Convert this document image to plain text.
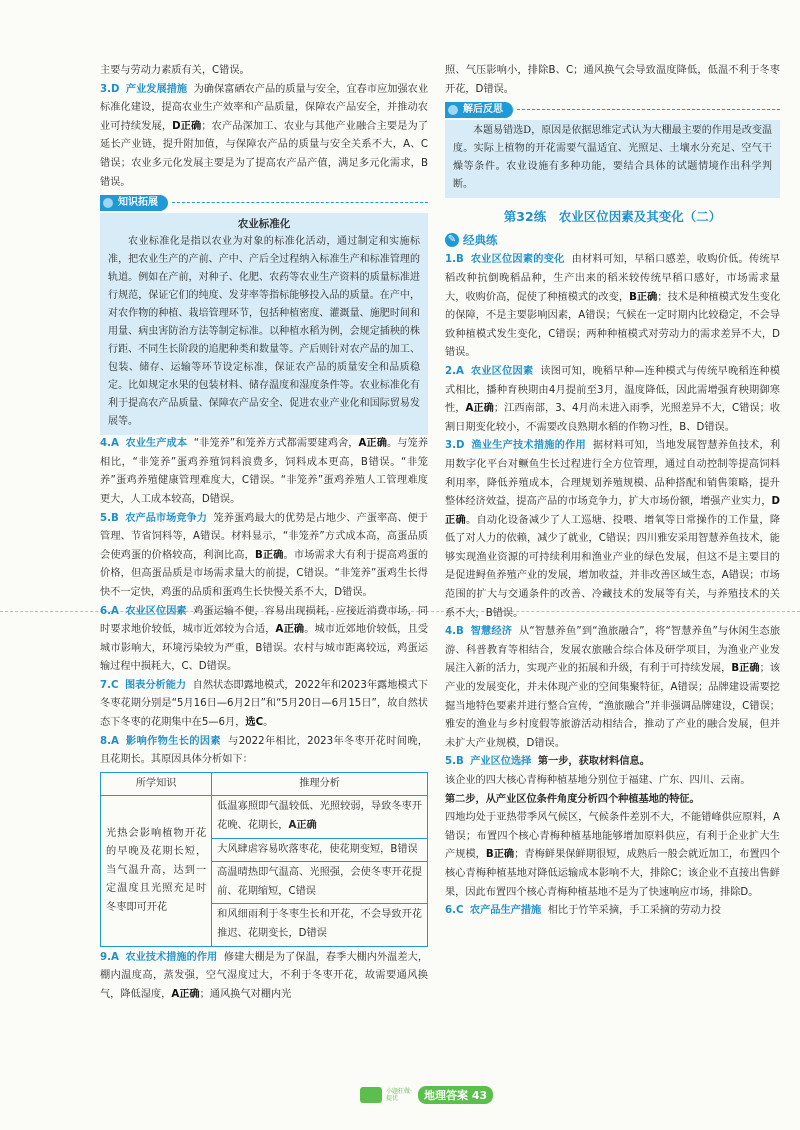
主要与劳动力素质有关，C错误。

3.D 产业发展措施 为确保富硒农产品的质量与安全，宜春市应加强农业标准化建设，提高农业生产效率和产品质量，保障农产品安全，并推动农业可持续发展，D正确；农产品深加工、农业与其他产业融合主要是为了延长产业链，提升附加值，与保障农产品的质量与安全关系不大，A、C错误；农业多元化发展主要是为了提高农产品产值，满足多元化需求，B错误。

知识拓展
农业标准化

农业标准化是指以农业为对象的标准化活动，通过制定和实施标准，把农业生产的产前、产中、产后全过程纳入标准生产和标准管理的轨道。例如在产前，对种子、化肥、农药等农业生产资料的质量标准进行规范，保证它们的纯度、发芽率等指标能够投入品的质量。在产中，对农作物的种植、栽培管理环节，包括种植密度、灌溉量、施肥时间和用量、病虫害防治方法等制定标准。以种植水稻为例，会规定插秧的株行距、不同生长阶段的追肥种类和数量等。产后则针对农产品的加工、包装、储存、运输等环节设定标准，保证农产品的质量安全和品质稳定。比如规定水果的包装材料、储存温度和湿度条件等。农业标准化有利于提高农产品质量、保障农产品安全、促进农业产业化和国际贸易发展等。

4.A 农业生产成本 “非笼养”和笼养方式都需要建鸡舍，A正确。与笼养相比，“非笼养”蛋鸡养殖饲料浪费多，饲料成本更高，B错误。“非笼养”蛋鸡养殖健康管理难度大，C错误。“非笼养”蛋鸡养殖人工管理难度更大，人工成本较高，D错误。

5.B 农产品市场竞争力 笼养蛋鸡最大的优势是占地少、产蛋率高、便于管理、节省饲料等，A错误。材料显示，“非笼养”方式成本高，高蛋品质会使鸡蛋的价格较高，利润比高，B正确。市场需求大有利于提高鸡蛋的价格，但高蛋品质是市场需求量大的前提，C错误。“非笼养”蛋鸡生长得快不一定快，鸡蛋的品质和蛋鸡生长快慢关系不大，D错误。

6.A 农业区位因素 鸡蛋运输不便，容易出现损耗，应接近消费市场，同时要求地价较低，城市近郊较为合适，A正确。城市近郊地价较低，且受城市影响大，环境污染较为严重，B错误。农村与城市距离较远，鸡蛋运输过程中损耗大，C、D错误。

7.C 图表分析能力 自然状态即露地模式，2022年和2023年露地模式下冬枣花期分别是“5月16日—6月2日”和“5月20日—6月15日”，故自然状态下冬枣的花期集中在5—6月，选C。

8.A 影响作物生长的因素 与2022年相比，2023年冬枣开花时间晚，且花期长。其原因具体分析如下：

所学知识	推理分析
光热会影响植物开花的早晚及花期长短，当气温升高，达到一定温度且光照充足时冬枣即可开花	低温寡照即气温较低、光照较弱，导致冬枣开花晚、花期长，A正确
	大风肆虐容易吹落枣花，使花期变短，B错误
	高温晴热即气温高、光照强，会使冬枣开花提前、花期缩短，C错误
	和风细雨利于冬枣生长和开花，不会导致开花推迟、花期变长，D错误

9.A 农业技术措施的作用 修建大棚是为了保温，春季大棚内外温差大，棚内温度高，蒸发强，空气湿度过大，不利于冬枣开花，故需要通风换气，降低湿度，A正确；通风换气对棚内光

照、气压影响小，排除B、C；通风换气会导致温度降低，低温不利于冬枣开花，D错误。

解后反思

本题易错选D，原因是依据思维定式认为大棚最主要的作用是改变温度。实际上植物的开花需要气温适宜、光照足、土壤水分充足、空气干燥等条件。农业设施有多种功能，要结合具体的试题情境作出科学判断。

第32练　农业区位因素及其变化（二）
✎ 经典练

1.B 农业区位因素的变化 由材料可知，早稻口感差，收购价低。传统早稻改种抗倒晚稻品种，生产出来的稻米较传统早稻口感好，市场需求量大，收购价高，促使了种植模式的改变，B正确；技术是种植模式发生变化的保障，不是主要影响因素，A错误；气候在一定时期内比较稳定，不会导致种植模式发生变化，C错误；两种种植模式对劳动力的需求差异不大，D错误。

2.A 农业区位因素 读图可知，晚稻早种—连种模式与传统早晚稻连种模式相比，播种育秧期由4月提前至3月，温度降低，因此需增强育秧期御寒性，A正确；江西南部，3、4月尚未进入雨季，光照差异不大，C错误；收割日期变化较小，不需要改良熟期水稻的作物习性，B、D错误。

3.D 渔业生产技术措施的作用 据材料可知，当地发展智慧养鱼技术，利用数字化平台对鳜鱼生长过程进行全方位管理，通过自动控制等提高饲料利用率，降低养殖成本，合理规划养殖规模、品种搭配和销售策略，提升整体经济效益，提高产品的市场竞争力，扩大市场份额，增强产业实力，D正确。自动化设备减少了人工巡塘、投喂、增氧等日常操作的工作量，降低了对人力的依赖，减少了就业，C错误；四川雅安采用智慧养鱼技术，能够实现渔业资源的可持续利用和渔业产业的绿色发展，但这不是主要目的是促进鲟鱼养殖产业的发展，增加收益，并非改善区域生态，A错误；市场范围的扩大与交通条件的改善、冷藏技术的发展等有关，与养殖技术的关系不大，B错误。

4.B 智慧经济 从“智慧养鱼”到“渔旅融合”，将“智慧养鱼”与休闲生态旅游、科普教育等相结合，发展农旅融合综合体及研学项目，为渔业产业发展注入新的活力，实现产业的拓展和升级，有利于可持续发展，B正确；该产业的发展变化，并未体现产业的空间集聚特征，A错误；品牌建设需要挖掘当地特色要素并进行整合宣传，“渔旅融合”并非强调品牌建设，C错误；雅安的渔业与乡村度假等旅游活动相结合，推动了产业的融合发展，但并未扩大产业规模，D错误。

5.B 产业区位选择 第一步，获取材料信息。

该企业的四大核心青梅种植基地分别位于福建、广东、四川、云南。

第二步，从产业区位条件角度分析四个种植基地的特征。

四地均处于亚热带季风气候区，气候条件差别不大，不能错峰供应原料，A错误；布置四个核心青梅种植基地能够增加原料供应，有利于企业扩大生产规模，B正确；青梅鲜果保鲜期很短，成熟后一般会就近加工，布置四个核心青梅种植基地对降低运输成本影响不大，排除C；该企业不直接出售鲜果，因此布置四个核心青梅种植基地不是为了快速响应市场，排除D。

6.C 农产品生产措施 相比于竹竿采摘，手工采摘的劳动力投

小题狂做·提优	地理答案 43
